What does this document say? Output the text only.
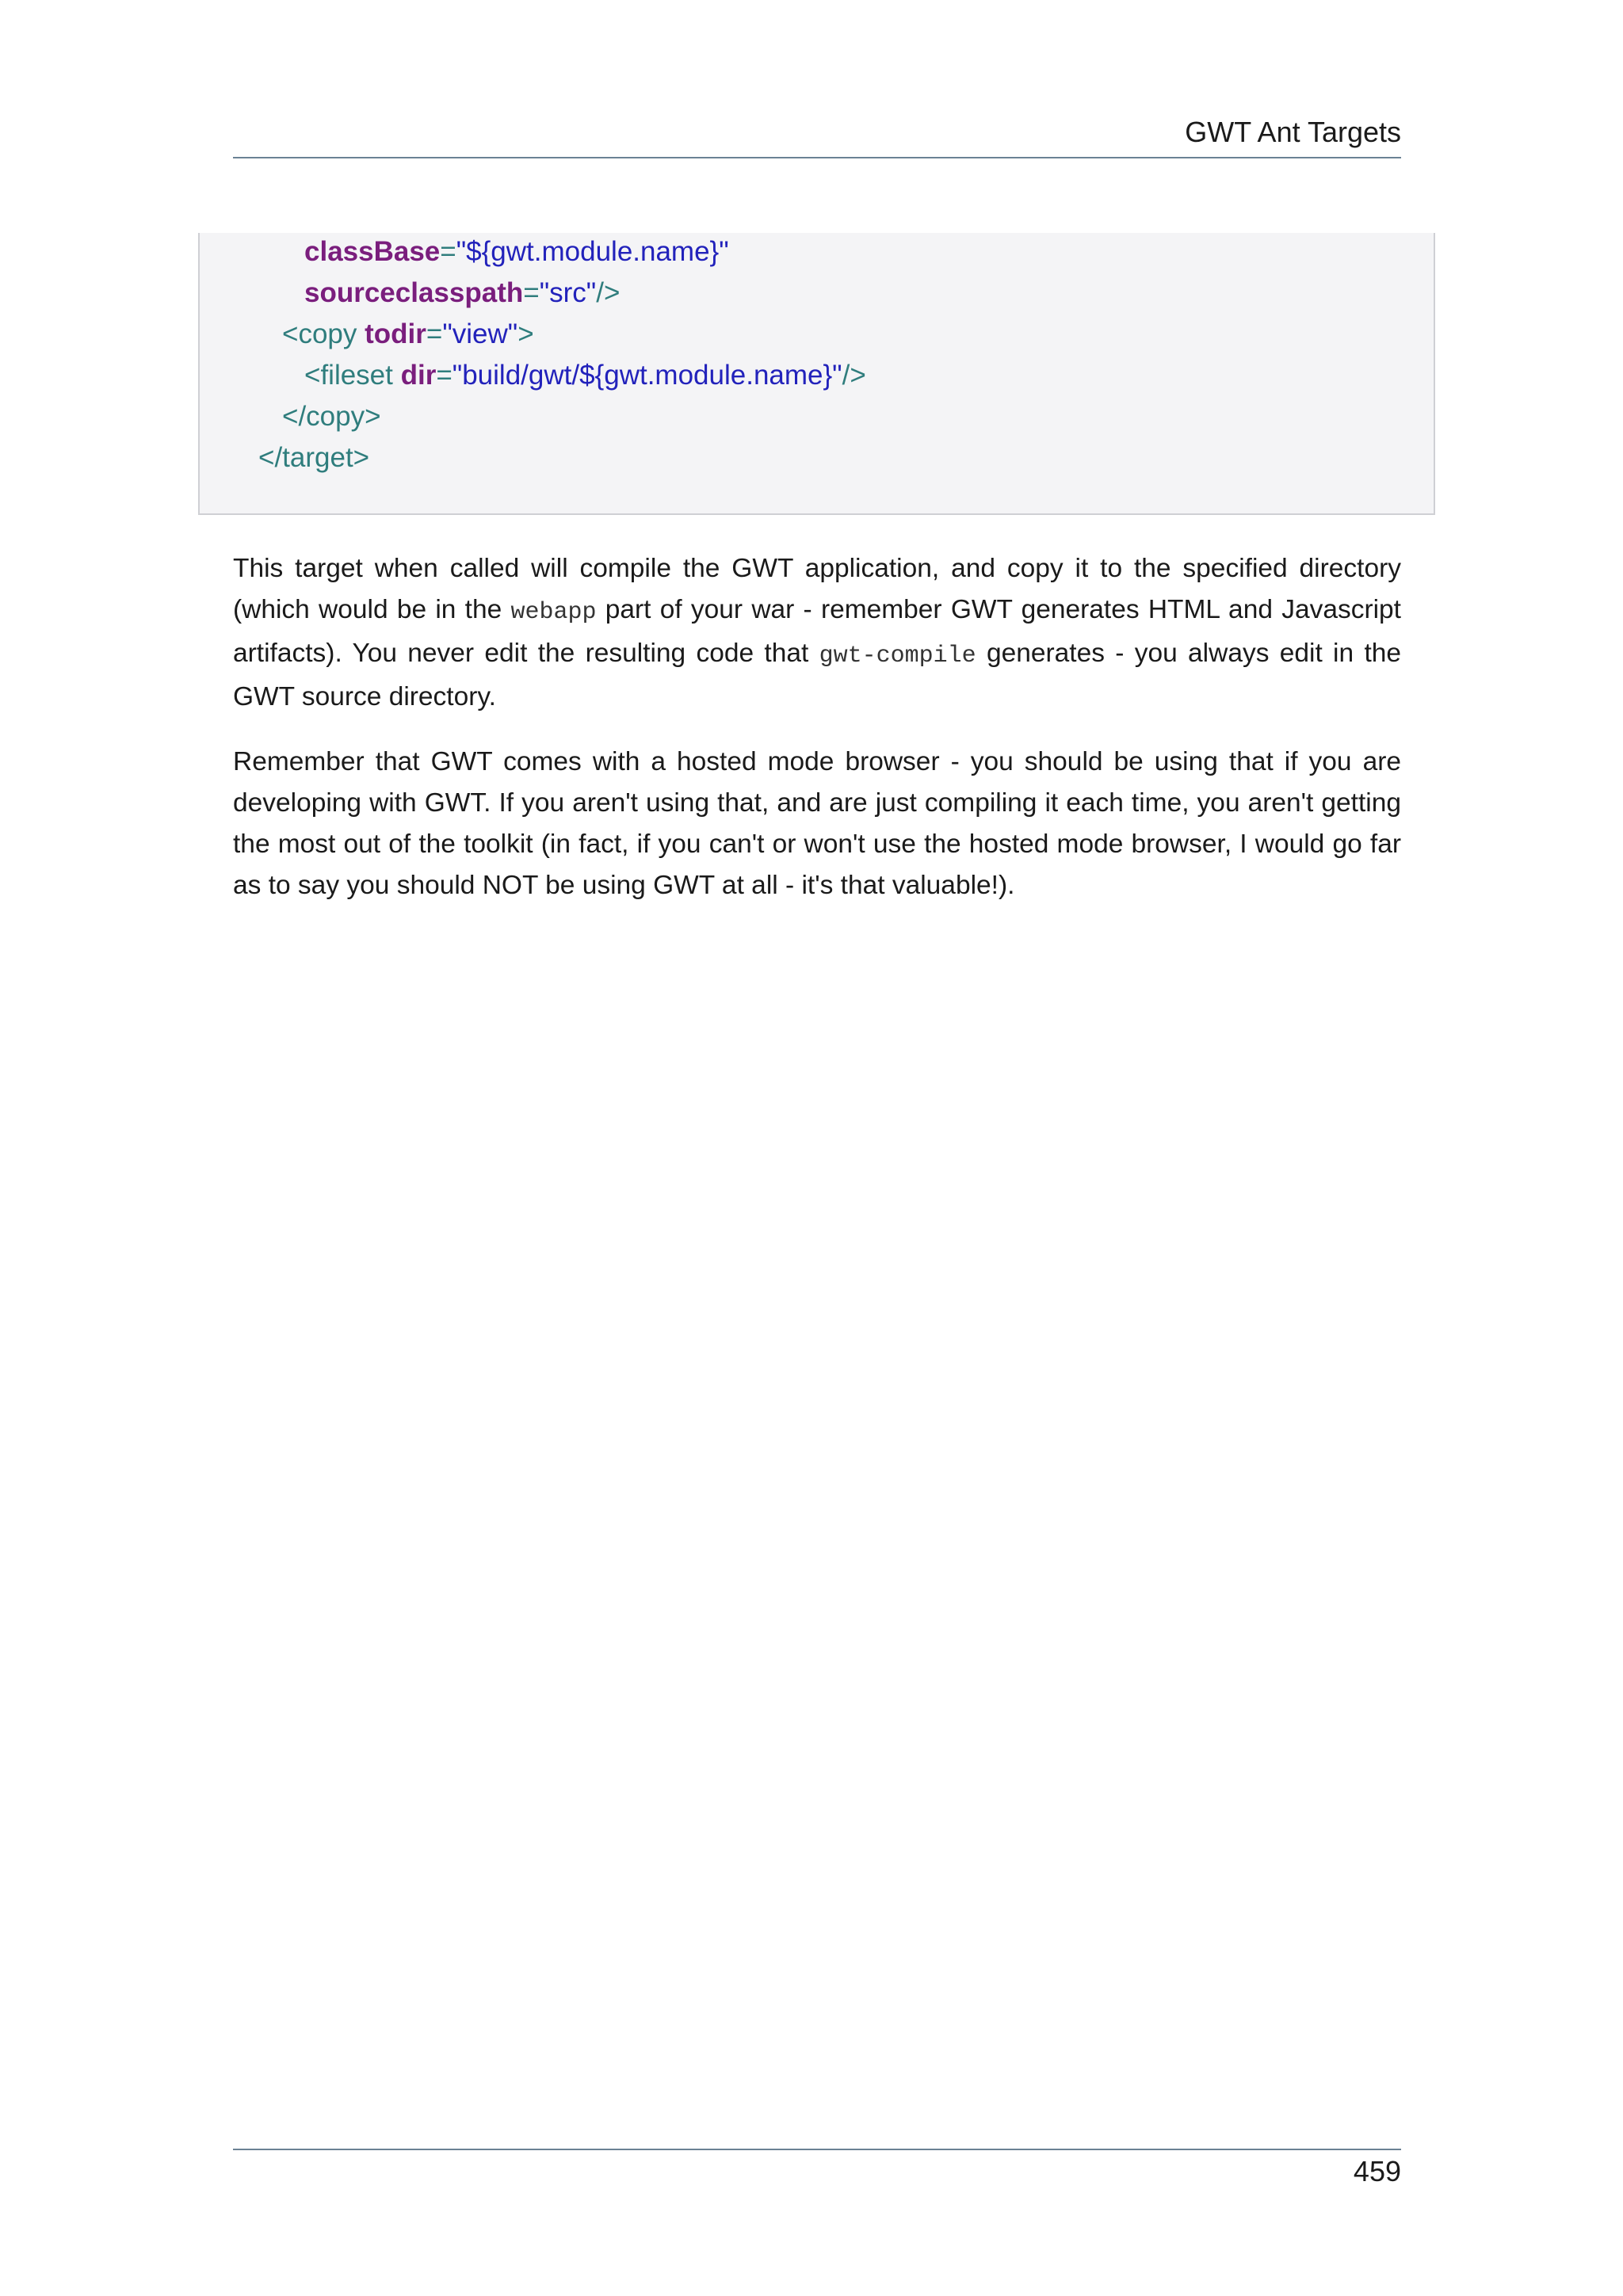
GWT Ant Targets
classBase="${gwt.module.name}"
sourceclasspath="src"/>
<copy todir="view">
<fileset dir="build/gwt/${gwt.module.name}"/>
</copy>
</target>

This target when called will compile the GWT application, and copy it to the specified directory (which would be in the webapp part of your war - remember GWT generates HTML and Javascript artifacts). You never edit the resulting code that gwt-compile generates - you always edit in the GWT source directory.

Remember that GWT comes with a hosted mode browser - you should be using that if you are developing with GWT. If you aren't using that, and are just compiling it each time, you aren't getting the most out of the toolkit (in fact, if you can't or won't use the hosted mode browser, I would go far as to say you should NOT be using GWT at all - it's that valuable!).

459
